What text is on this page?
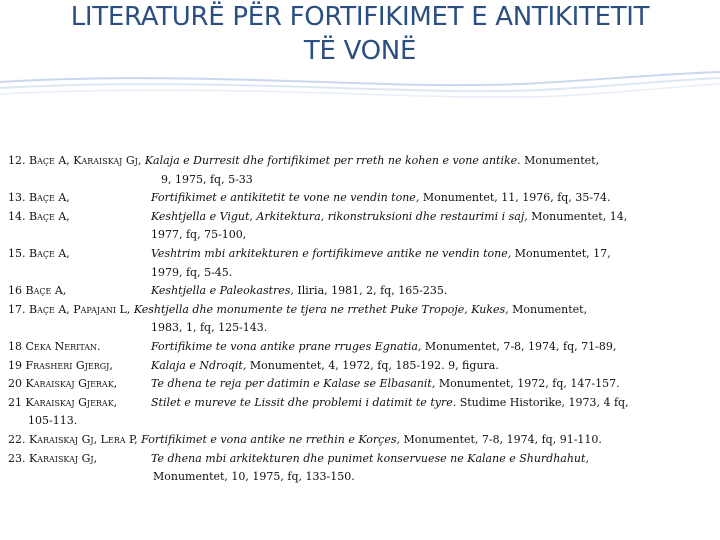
LITERATURË PËR FORTIFIKIMET E ANTIKITETIT
TË VONË
12. Baçe A, Karaiskaj Gj, Kalaja e Durresit dhe fortifikimet per rreth ne kohen e vone antike. Monumentet,
9, 1975, fq, 5-33
13. Baçe A,	Fortifikimet e antikitetit te vone ne vendin tone, Monumentet, 11, 1976, fq, 35-74.
14. Baçe A,	Keshtjella e Vigut, Arkitektura, rikonstruksioni dhe restaurimi i saj, Monumentet, 14,
1977, fq, 75-100,
15. Baçe A,	Veshtrim mbi arkitekturen e fortifikimeve antike ne vendin tone, Monumentet, 17,
1979, fq, 5-45.
16 Baçe A,	Keshtjella e Paleokastres, Iliria, 1981, 2, fq, 165-235.
17. Baçe A, Papajani L, Keshtjella dhe monumente te tjera ne rrethet Puke Tropoje, Kukes, Monumentet,
1983, 1, fq, 125-143.
18 Ceka Neritan.	Fortifikime te vona antike prane rruges Egnatia, Monumentet, 7-8, 1974, fq, 71-89,
19 Frasheri Gjergj,	Kalaja e Ndroqit, Monumentet, 4, 1972, fq, 185-192. 9, figura.
20 Karaiskaj Gjerak,	Te dhena te reja per datimin e Kalase se Elbasanit, Monumentet, 1972, fq, 147-157.
21 Karaiskaj Gjerak,	Stilet e mureve te Lissit dhe problemi i datimit te tyre. Studime Historike, 1973, 4 fq,
105-113.
22. Karaiskaj Gj, Lera P, Fortifikimet e vona antike ne rrethin e Korçes, Monumentet, 7-8, 1974, fq, 91-110.
23. Karaiskaj Gj,	Te dhena mbi arkitekturen dhe punimet konservuese ne Kalane e Shurdhahut,
Monumentet, 10, 1975, fq, 133-150.
